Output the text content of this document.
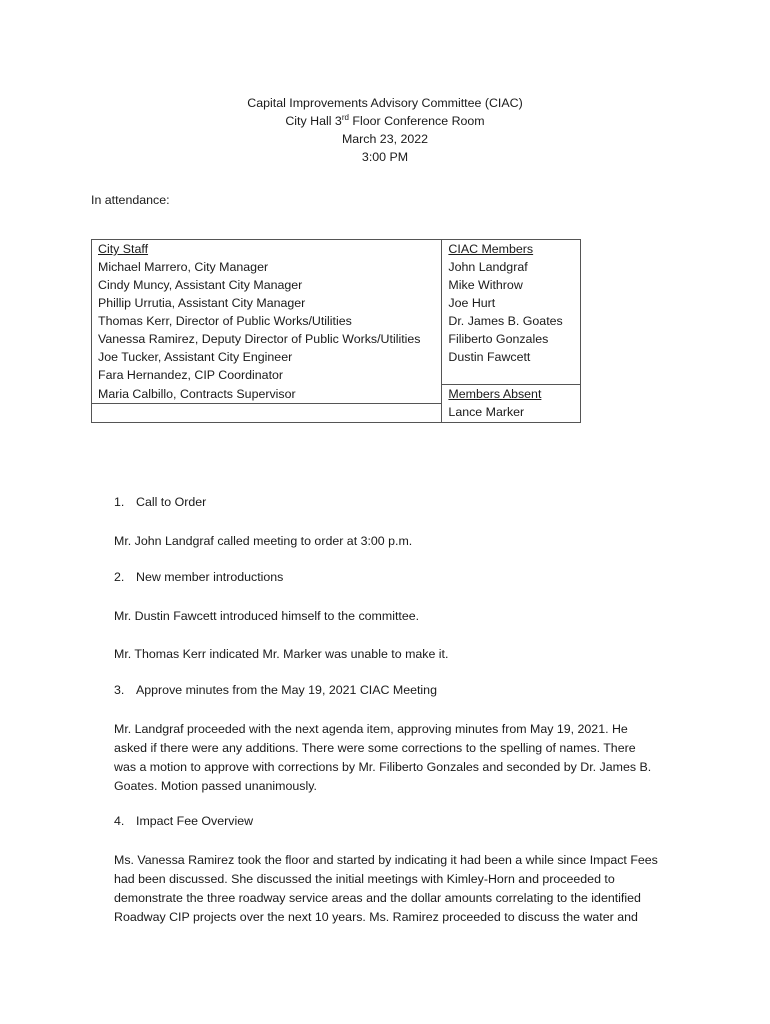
Capital Improvements Advisory Committee (CIAC)
City Hall 3rd Floor Conference Room
March 23, 2022
3:00 PM
In attendance:
City Staff	CIAC Members
Michael Marrero, City Manager	John Landgraf
Cindy Muncy, Assistant City Manager	Mike Withrow
Phillip Urrutia, Assistant City Manager	Joe Hurt
Thomas Kerr, Director of Public Works/Utilities	Dr. James B. Goates
Vanessa Ramirez, Deputy Director of Public Works/Utilities	Filiberto Gonzales
Joe Tucker, Assistant City Engineer	Dustin Fawcett
Fara Hernandez, CIP Coordinator	
Maria Calbillo, Contracts Supervisor	Members Absent
	Lance Marker
1. Call to Order
Mr. John Landgraf called meeting to order at 3:00 p.m.
2. New member introductions
Mr. Dustin Fawcett introduced himself to the committee.
Mr. Thomas Kerr indicated Mr. Marker was unable to make it.
3. Approve minutes from the May 19, 2021 CIAC Meeting
Mr. Landgraf proceeded with the next agenda item, approving minutes from May 19, 2021. He asked if there were any additions. There were some corrections to the spelling of names. There was a motion to approve with corrections by Mr. Filiberto Gonzales and seconded by Dr. James B. Goates. Motion passed unanimously.
4. Impact Fee Overview
Ms. Vanessa Ramirez took the floor and started by indicating it had been a while since Impact Fees had been discussed. She discussed the initial meetings with Kimley-Horn and proceeded to demonstrate the three roadway service areas and the dollar amounts correlating to the identified Roadway CIP projects over the next 10 years. Ms. Ramirez proceeded to discuss the water and
